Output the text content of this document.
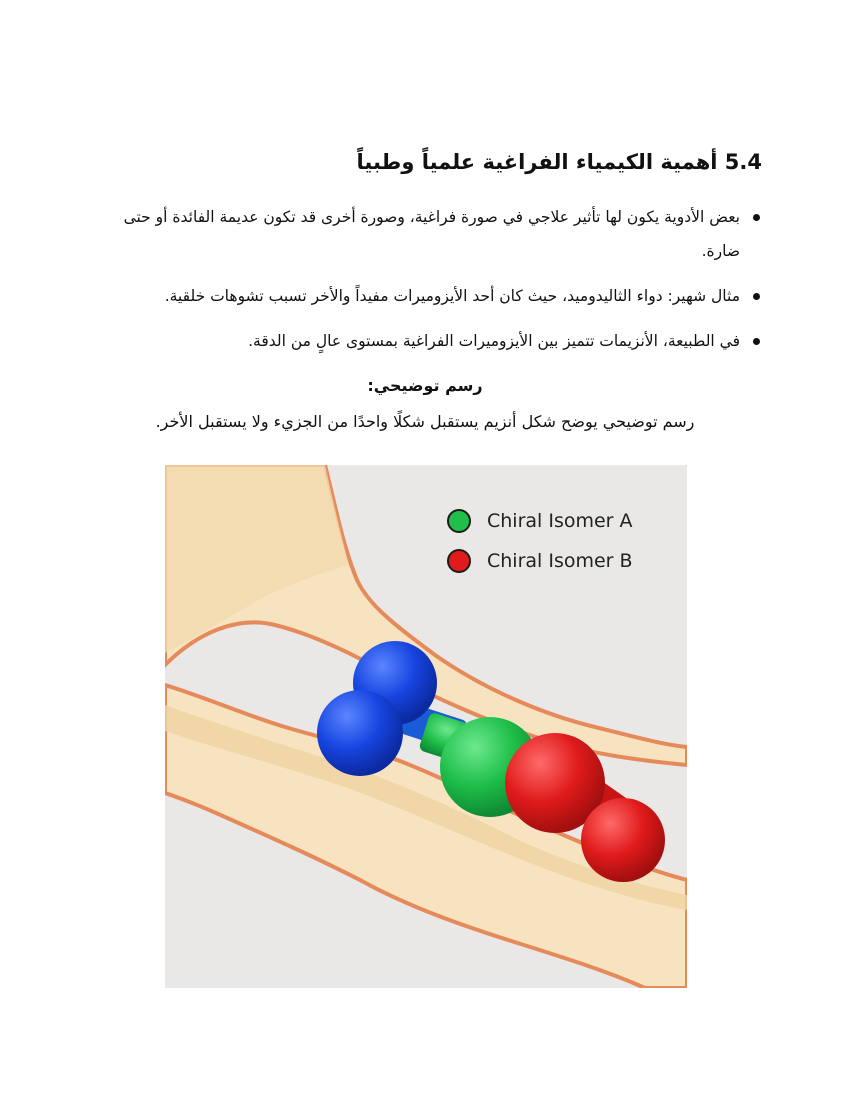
5.4 أهمية الكيمياء الفراغية علمياً وطبياً
بعض الأدوية يكون لها تأثير علاجي في صورة فراغية، وصورة أخرى قد تكون عديمة الفائدة أو حتى ضارة.
مثال شهير: دواء الثاليدوميد، حيث كان أحد الأيزوميرات مفيداً والأخر تسبب تشوهات خلقية.
في الطبيعة، الأنزيمات تتميز بين الأيزوميرات الفراغية بمستوى عالٍ من الدقة.

رسم توضيحي:

رسم توضيحي يوضح شكل أنزيم يستقبل شكلًا واحدًا من الجزيء ولا يستقبل الأخر.

Chiral Isomer A
Chiral Isomer B
